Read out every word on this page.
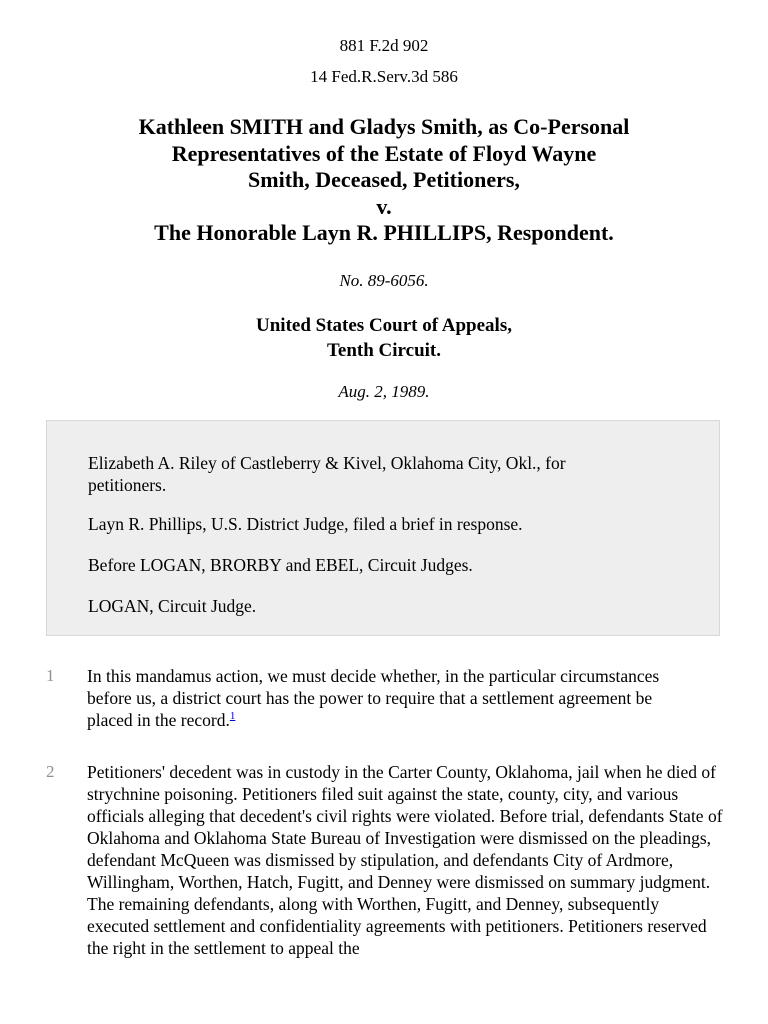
881 F.2d 902
14 Fed.R.Serv.3d 586
Kathleen SMITH and Gladys Smith, as Co-Personal
Representatives of the Estate of Floyd Wayne
Smith, Deceased, Petitioners,
v.
The Honorable Layn R. PHILLIPS, Respondent.
No. 89-6056.
United States Court of Appeals,
Tenth Circuit.
Aug. 2, 1989.

Elizabeth A. Riley of Castleberry & Kivel, Oklahoma City, Okl., for petitioners.

Layn R. Phillips, U.S. District Judge, filed a brief in response.

Before LOGAN, BRORBY and EBEL, Circuit Judges.

LOGAN, Circuit Judge.

1 In this mandamus action, we must decide whether, in the particular circumstances before us, a district court has the power to require that a settlement agreement be placed in the record.$^1$

2 Petitioners' decedent was in custody in the Carter County, Oklahoma, jail when he died of strychnine poisoning. Petitioners filed suit against the state, county, city, and various officials alleging that decedent's civil rights were violated. Before trial, defendants State of Oklahoma and Oklahoma State Bureau of Investigation were dismissed on the pleadings, defendant McQueen was dismissed by stipulation, and defendants City of Ardmore, Willingham, Worthen, Hatch, Fugitt, and Denney were dismissed on summary judgment. The remaining defendants, along with Worthen, Fugitt, and Denney, subsequently executed settlement and confidentiality agreements with petitioners. Petitioners reserved the right in the settlement to appeal the
